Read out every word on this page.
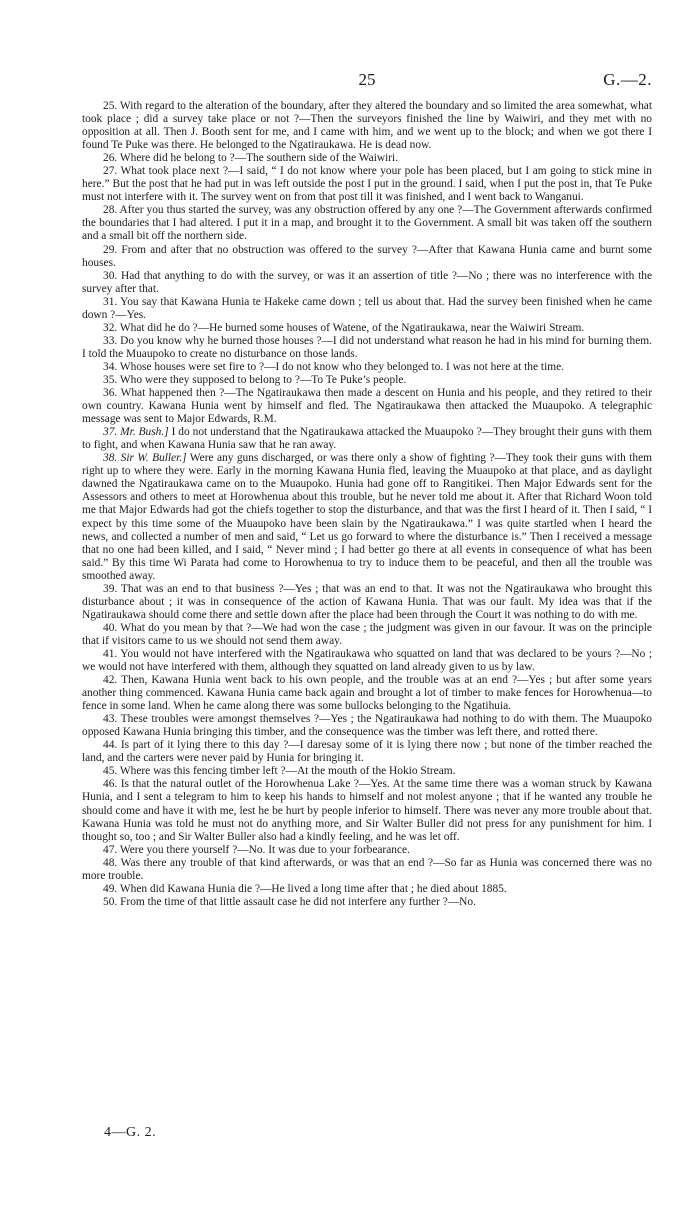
25	G.—2.

25. With regard to the alteration of the boundary, after they altered the boundary and so limited the area somewhat, what took place ; did a survey take place or not ?—Then the surveyors finished the line by Waiwiri, and they met with no opposition at all. Then J. Booth sent for me, and I came with him, and we went up to the block; and when we got there I found Te Puke was there. He belonged to the Ngatiraukawa. He is dead now.

26. Where did he belong to ?—The southern side of the Waiwiri.

27. What took place next ?—I said, “ I do not know where your pole has been placed, but I am going to stick mine in here.” But the post that he had put in was left outside the post I put in the ground. I said, when I put the post in, that Te Puke must not interfere with it. The survey went on from that post till it was finished, and I went back to Wanganui.

28. After you thus started the survey, was any obstruction offered by any one ?—The Government afterwards confirmed the boundaries that I had altered. I put it in a map, and brought it to the Government. A small bit was taken off the southern and a small bit off the northern side.

29. From and after that no obstruction was offered to the survey ?—After that Kawana Hunia came and burnt some houses.

30. Had that anything to do with the survey, or was it an assertion of title ?—No ; there was no interference with the survey after that.

31. You say that Kawana Hunia te Hakeke came down ; tell us about that. Had the survey been finished when he came down ?—Yes.

32. What did he do ?—He burned some houses of Watene, of the Ngatiraukawa, near the Waiwiri Stream.

33. Do you know why he burned those houses ?—I did not understand what reason he had in his mind for burning them. I told the Muaupoko to create no disturbance on those lands.

34. Whose houses were set fire to ?—I do not know who they belonged to. I was not here at the time.

35. Who were they supposed to belong to ?—To Te Puke’s people.

36. What happened then ?—The Ngatiraukawa then made a descent on Hunia and his people, and they retired to their own country. Kawana Hunia went by himself and fled. The Ngatiraukawa then attacked the Muaupoko. A telegraphic message was sent to Major Edwards, R.M.

37. Mr. Bush.] I do not understand that the Ngatiraukawa attacked the Muaupoko ?—They brought their guns with them to fight, and when Kawana Hunia saw that he ran away.

38. Sir W. Buller.] Were any guns discharged, or was there only a show of fighting ?—They took their guns with them right up to where they were. Early in the morning Kawana Hunia fled, leaving the Muaupoko at that place, and as daylight dawned the Ngatiraukawa came on to the Muaupoko. Hunia had gone off to Rangitikei. Then Major Edwards sent for the Assessors and others to meet at Horowhenua about this trouble, but he never told me about it. After that Richard Woon told me that Major Edwards had got the chiefs together to stop the disturbance, and that was the first I heard of it. Then I said, “ I expect by this time some of the Muaupoko have been slain by the Ngatiraukawa.” I was quite startled when I heard the news, and collected a number of men and said, “ Let us go forward to where the disturbance is.” Then I received a message that no one had been killed, and I said, “ Never mind ; I had better go there at all events in consequence of what has been said.” By this time Wi Parata had come to Horowhenua to try to induce them to be peaceful, and then all the trouble was smoothed away.

39. That was an end to that business ?—Yes ; that was an end to that. It was not the Ngatiraukawa who brought this disturbance about ; it was in consequence of the action of Kawana Hunia. That was our fault. My idea was that if the Ngatiraukawa should come there and settle down after the place had been through the Court it was nothing to do with me.

40. What do you mean by that ?—We had won the case ; the judgment was given in our favour. It was on the principle that if visitors came to us we should not send them away.

41. You would not have interfered with the Ngatiraukawa who squatted on land that was declared to be yours ?—No ; we would not have interfered with them, although they squatted on land already given to us by law.

42. Then, Kawana Hunia went back to his own people, and the trouble was at an end ?—Yes ; but after some years another thing commenced. Kawana Hunia came back again and brought a lot of timber to make fences for Horowhenua—to fence in some land. When he came along there was some bullocks belonging to the Ngatihuia.

43. These troubles were amongst themselves ?—Yes ; the Ngatiraukawa had nothing to do with them. The Muaupoko opposed Kawana Hunia bringing this timber, and the consequence was the timber was left there, and rotted there.

44. Is part of it lying there to this day ?—I daresay some of it is lying there now ; but none of the timber reached the land, and the carters were never paid by Hunia for bringing it.

45. Where was this fencing timber left ?—At the mouth of the Hokio Stream.

46. Is that the natural outlet of the Horowhenua Lake ?—Yes. At the same time there was a woman struck by Kawana Hunia, and I sent a telegram to him to keep his hands to himself and not molest anyone ; that if he wanted any trouble he should come and have it with me, lest he be hurt by people inferior to himself. There was never any more trouble about that. Kawana Hunia was told he must not do anything more, and Sir Walter Buller did not press for any punishment for him. I thought so, too ; and Sir Walter Buller also had a kindly feeling, and he was let off.

47. Were you there yourself ?—No. It was due to your forbearance.

48. Was there any trouble of that kind afterwards, or was that an end ?—So far as Hunia was concerned there was no more trouble.

49. When did Kawana Hunia die ?—He lived a long time after that ; he died about 1885.

50. From the time of that little assault case he did not interfere any further ?—No.

4—G. 2.
